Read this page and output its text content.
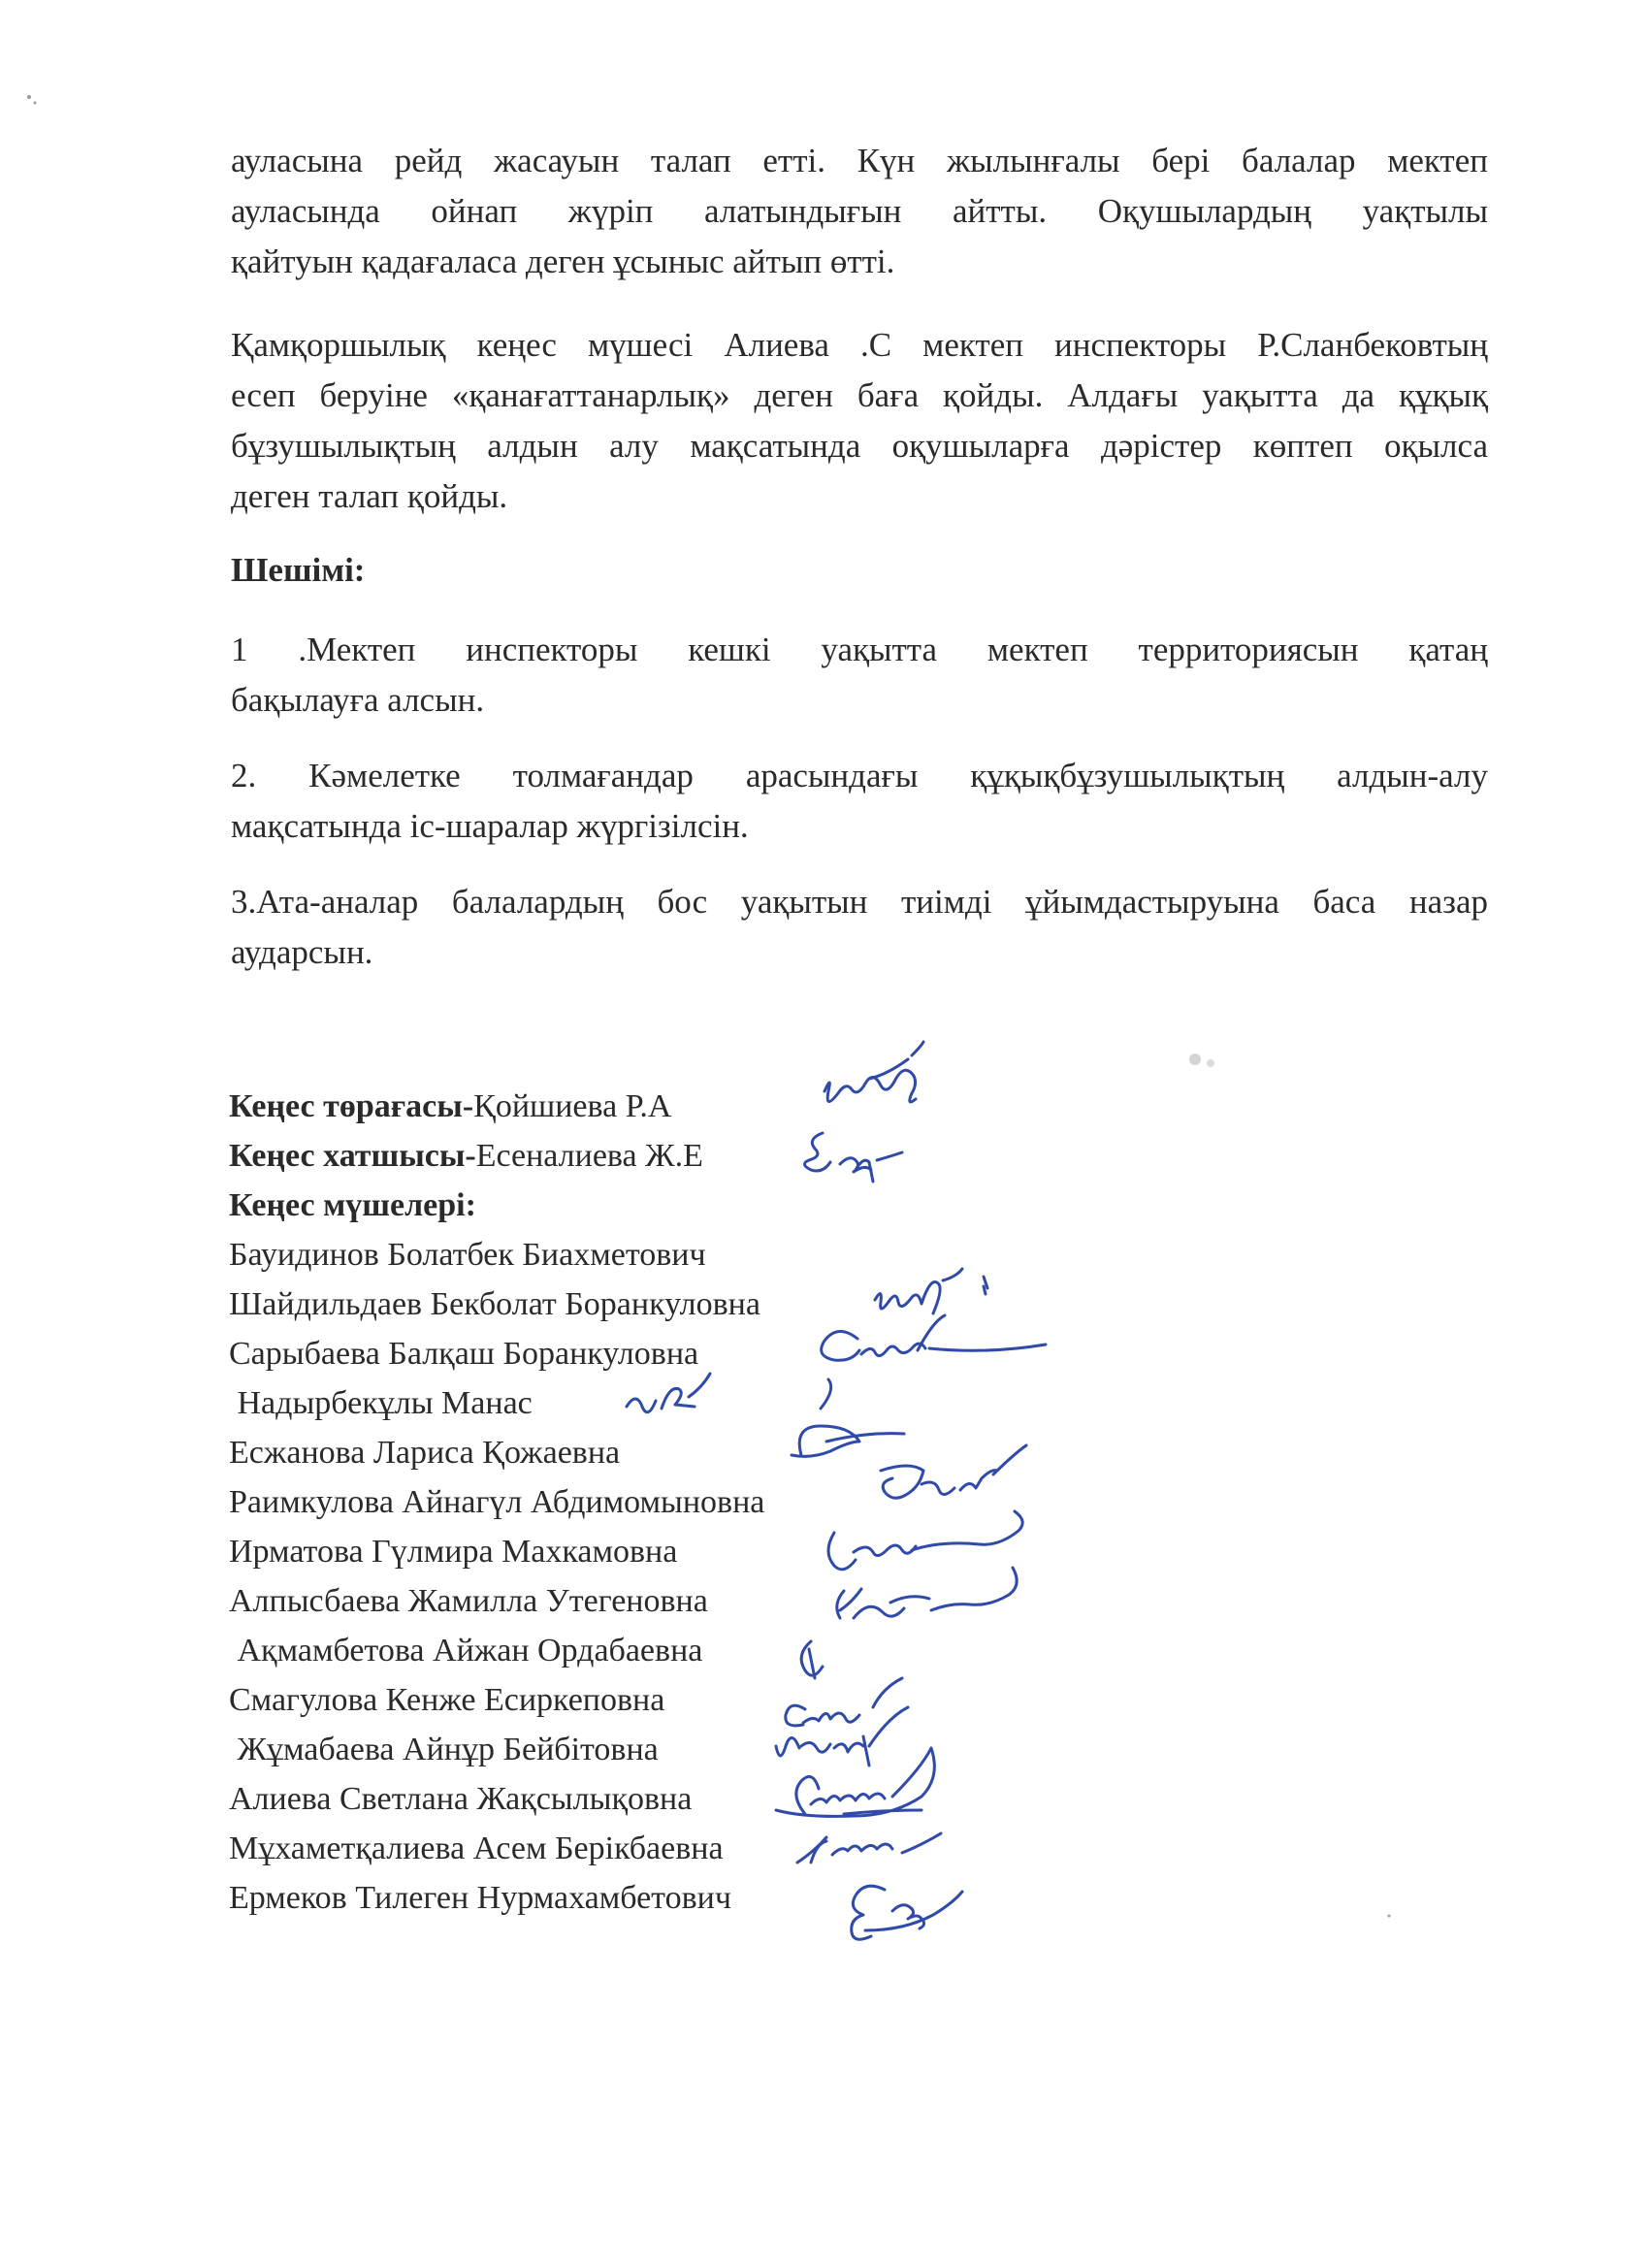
ауласына рейд жасауын талап етті. Күн жылынғалы бері балалар мектеп
ауласында ойнап жүріп алатындығын айтты. Оқушылардың уақтылы
қайтуын қадағаласа деген ұсыныс айтып өтті.
Қамқоршылық кеңес мүшесі Алиева .С мектеп инспекторы Р.Сланбековтың
есеп беруіне «қанағаттанарлық» деген баға қойды. Алдағы уақытта да құқық
бұзушылықтың алдын алу мақсатында оқушыларға дәрістер көптеп оқылса
деген талап қойды.
Шешімі:
1 .Мектеп инспекторы кешкі уақытта мектеп территориясын қатаң
бақылауға алсын.
2. Кәмелетке толмағандар арасындағы құқықбұзушылықтың алдын-алу
мақсатында іс-шаралар жүргізілсін.
3.Ата-аналар балалардың бос уақытын тиімді ұйымдастыруына баса назар
аударсын.
Кеңес төрағасы-Қойшиева Р.А
Кеңес хатшысы-Есеналиева Ж.Е
Кеңес мүшелері:
Бауидинов Болатбек Биахметович
Шайдильдаев Бекболат Боранкуловна
Сарыбаева Балқаш Боранкуловна
Надырбекұлы Манас
Есжанова Лариса Қожаевна
Раимкулова Айнагүл Абдимомыновна
Ирматова Гүлмира Махкамовна
Алпысбаева Жамилла Утегеновна
Ақмамбетова Айжан Ордабаевна
Смагулова Кенже Есиркеповна
Жұмабаева Айнұр Бейбітовна
Алиева Светлана Жақсылықовна
Мұхаметқалиева Асем Берікбаевна
Ермеков Тилеген Нурмахамбетович
